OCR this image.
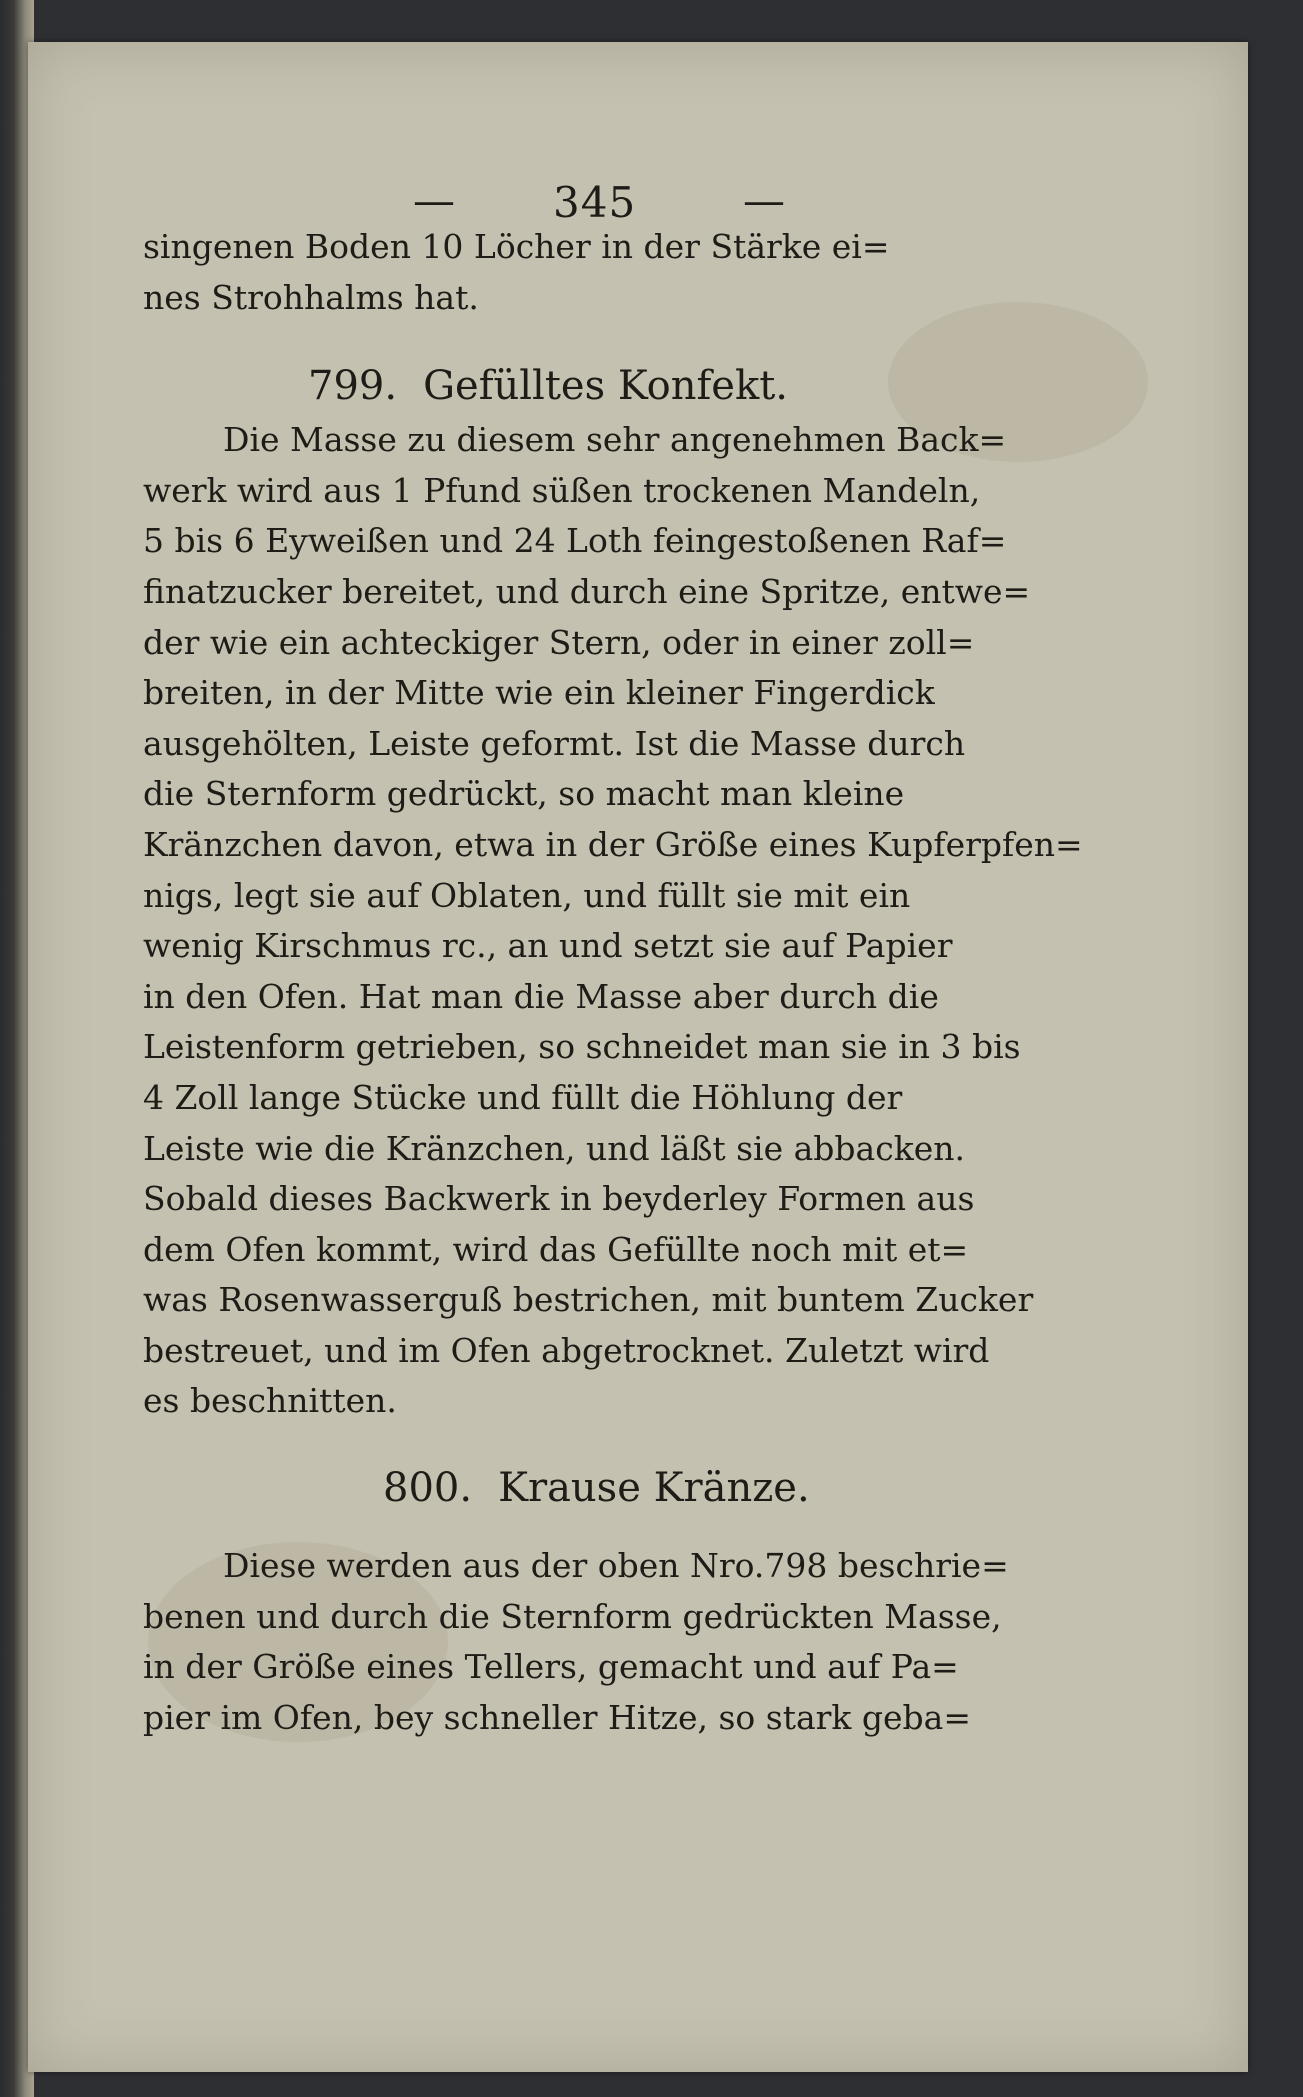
— 345	—

singenen Boden 10 Löcher in der Stärke ei=
nes Strohhalms hat.

799. Gefülltes Konfekt.

Die Masse zu diesem sehr angenehmen Back=
werk wird aus 1 Pfund süßen trockenen Mandeln,
5 bis 6 Eyweißen und 24 Loth feingestoßenen Raf=
finatzucker bereitet, und durch eine Spritze, entwe=
der wie ein achteckiger Stern, oder in einer zoll=
breiten, in der Mitte wie ein kleiner Fingerdick
ausgehölten, Leiste geformt. Ist die Masse durch
die Sternform gedrückt, so macht man kleine
Kränzchen davon, etwa in der Größe eines Kupferpfen=
nigs, legt sie auf Oblaten, und füllt sie mit ein
wenig Kirschmus rc., an und setzt sie auf Papier
in den Ofen. Hat man die Masse aber durch die
Leistenform getrieben, so schneidet man sie in 3 bis
4 Zoll lange Stücke und füllt die Höhlung der
Leiste wie die Kränzchen, und läßt sie abbacken.
Sobald dieses Backwerk in beyderley Formen aus
dem Ofen kommt, wird das Gefüllte noch mit et=
was Rosenwasserguß bestrichen, mit buntem Zucker
bestreuet, und im Ofen abgetrocknet. Zuletzt wird
es beschnitten.

800. Krause Kränze.

Diese werden aus der oben Nro.798 beschrie=
benen und durch die Sternform gedrückten Masse,
in der Größe eines Tellers, gemacht und auf Pa=
pier im Ofen, bey schneller Hitze, so stark geba=
